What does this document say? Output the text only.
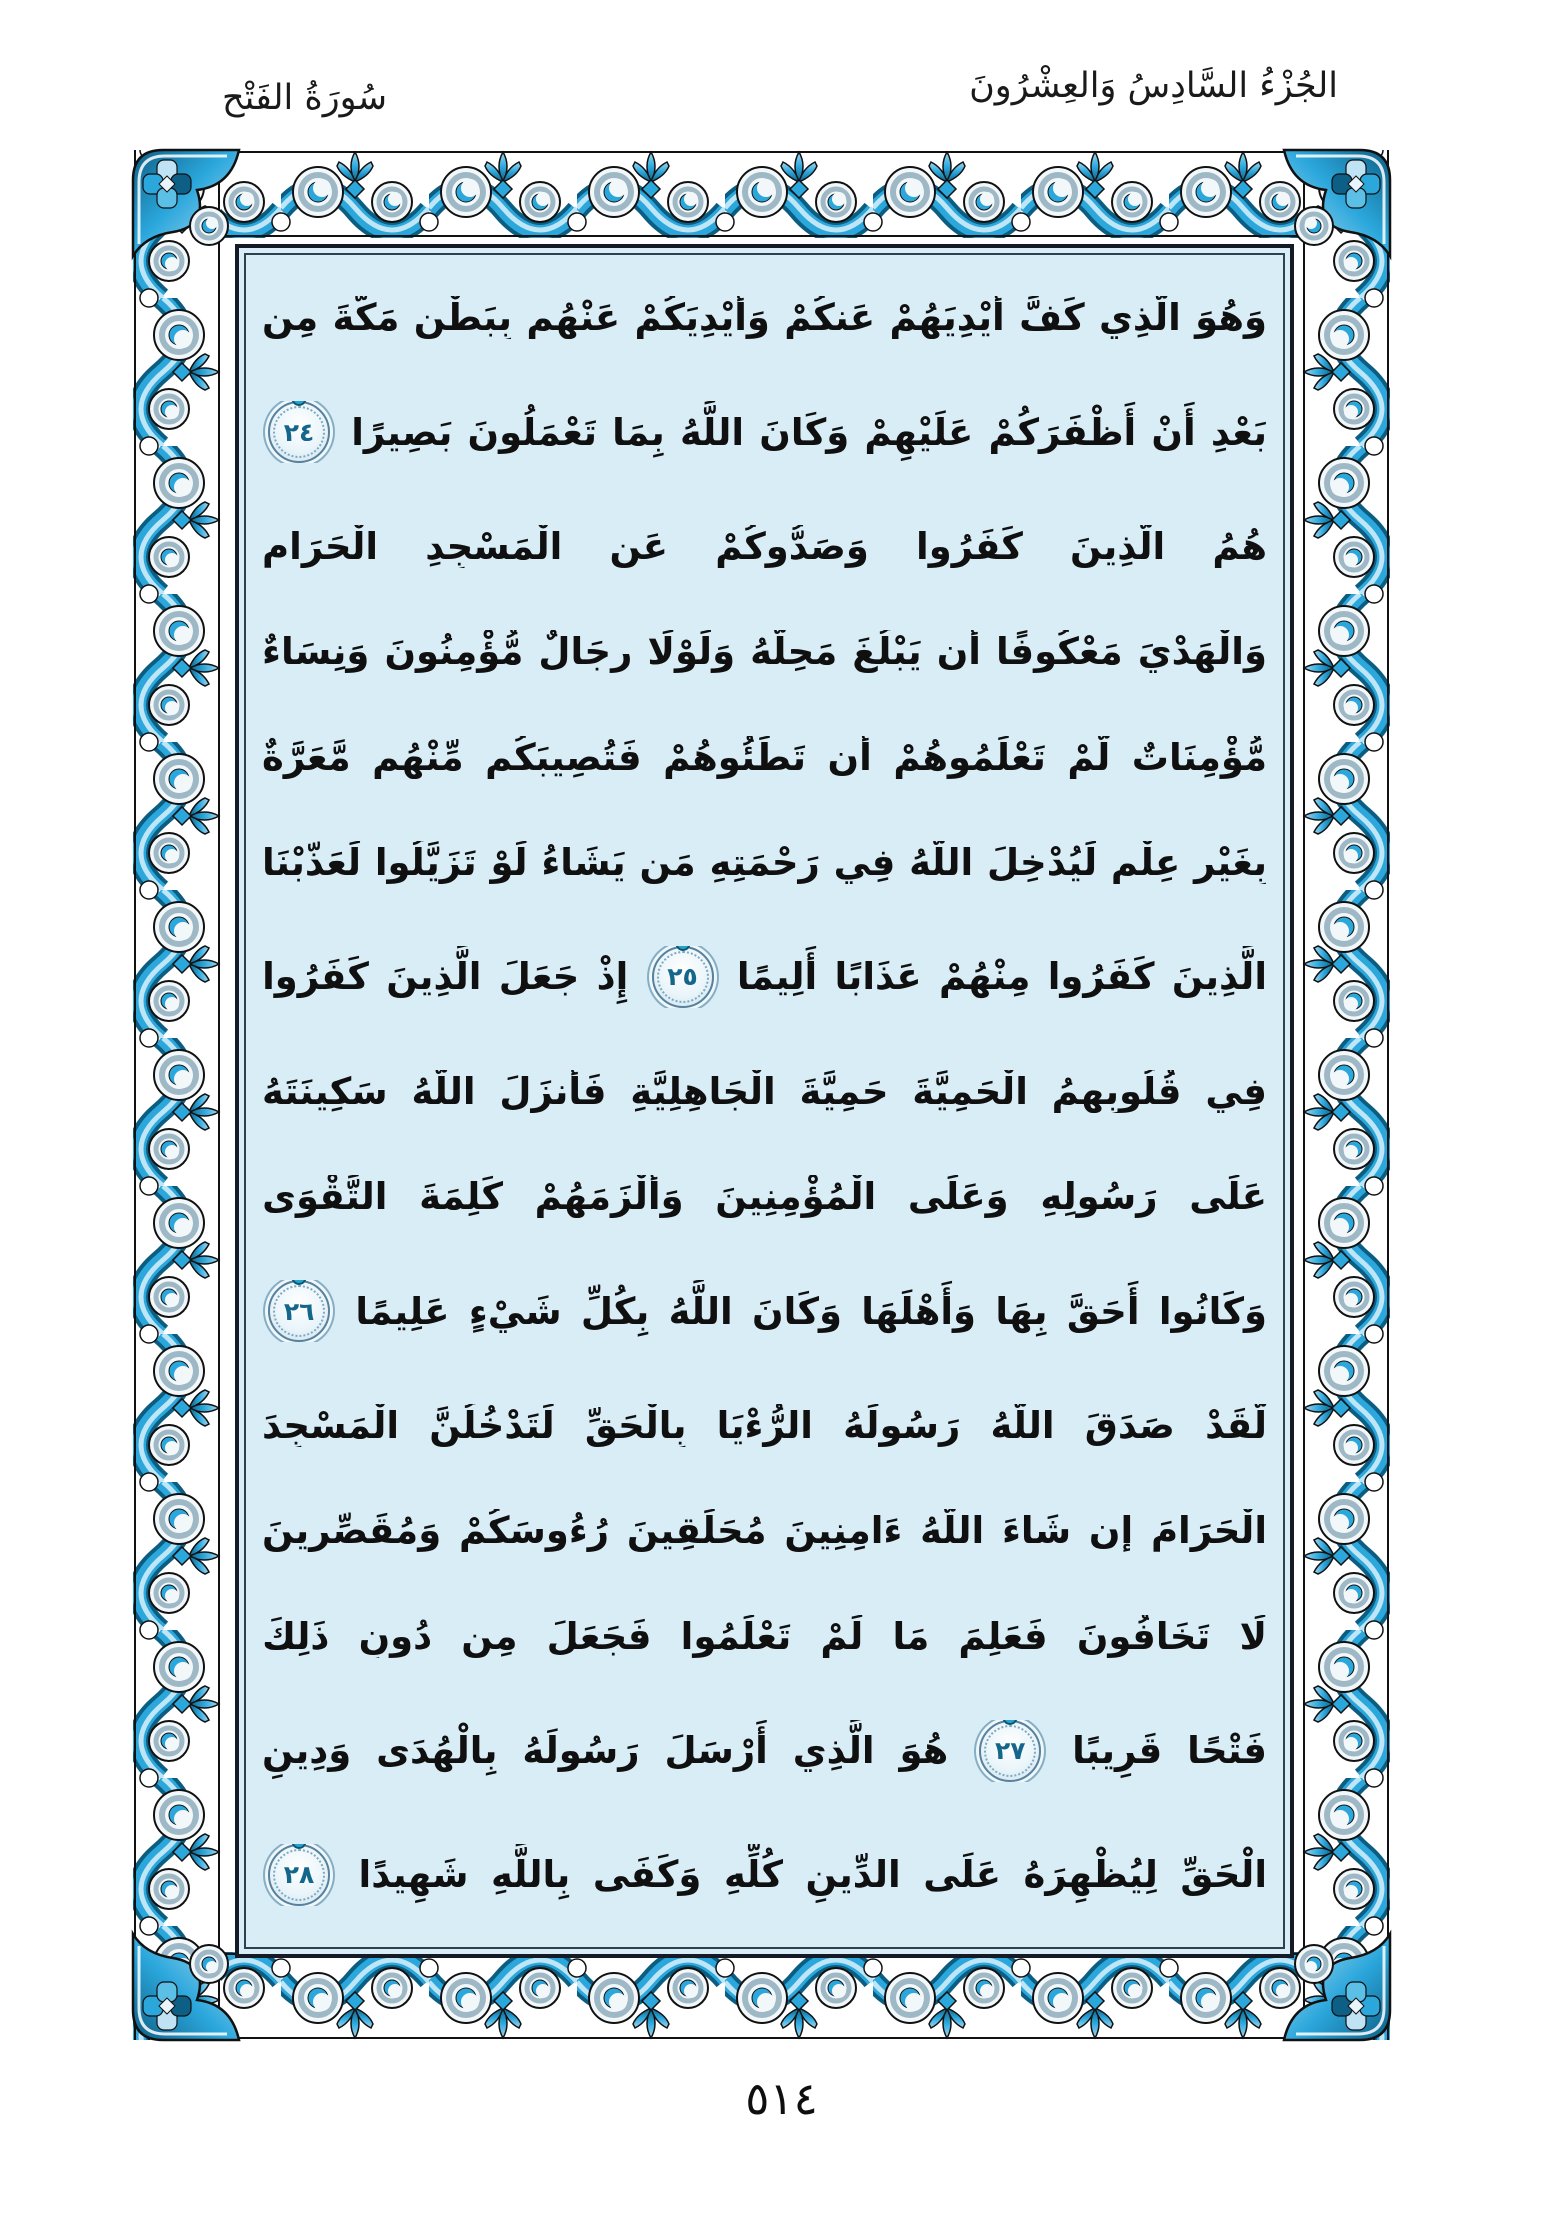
سُورَةُ الفَتْح	الجُزْءُ السَّادِسُ وَالعِشْرُونَ
وَهُوَ
الَّذِي
كَفَّ
أَيْدِيَهُمْ
عَنكُمْ
وَأَيْدِيَكُمْ
عَنْهُم
بِبَطْنِ
مَكَّةَ
مِن
بَعْدِ
أَنْ
أَظْفَرَكُمْ
عَلَيْهِمْ
وَكَانَ
اللَّهُ
بِمَا
تَعْمَلُونَ
بَصِيرًا
٢٤
هُمُ
الَّذِينَ
كَفَرُوا
وَصَدُّوكُمْ
عَنِ
الْمَسْجِدِ
الْحَرَامِ
وَالْهَدْيَ
مَعْكُوفًا
أَن
يَبْلُغَ
مَحِلَّهُ
وَلَوْلَا
رِجَالٌ
مُّؤْمِنُونَ
وَنِسَاءٌ
مُّؤْمِنَاتٌ
لَّمْ
تَعْلَمُوهُمْ
أَن
تَطَئُوهُمْ
فَتُصِيبَكُم
مِّنْهُم
مَّعَرَّةٌ
بِغَيْرِ
عِلْمٍ
لِّيُدْخِلَ
اللَّهُ
فِي
رَحْمَتِهِ
مَن
يَشَاءُ
لَوْ
تَزَيَّلُوا
لَعَذَّبْنَا
الَّذِينَ
كَفَرُوا
مِنْهُمْ
عَذَابًا
أَلِيمًا
٢٥
إِذْ
جَعَلَ
الَّذِينَ
كَفَرُوا
فِي
قُلُوبِهِمُ
الْحَمِيَّةَ
حَمِيَّةَ
الْجَاهِلِيَّةِ
فَأَنزَلَ
اللَّهُ
سَكِينَتَهُ
عَلَى
رَسُولِهِ
وَعَلَى
الْمُؤْمِنِينَ
وَأَلْزَمَهُمْ
كَلِمَةَ
التَّقْوَى
وَكَانُوا
أَحَقَّ
بِهَا
وَأَهْلَهَا
وَكَانَ
اللَّهُ
بِكُلِّ
شَيْءٍ
عَلِيمًا
٢٦
لَّقَدْ
صَدَقَ
اللَّهُ
رَسُولَهُ
الرُّءْيَا
بِالْحَقِّ
لَتَدْخُلُنَّ
الْمَسْجِدَ
الْحَرَامَ
إِن
شَاءَ
اللَّهُ
ءَامِنِينَ
مُحَلِّقِينَ
رُءُوسَكُمْ
وَمُقَصِّرِينَ
لَا
تَخَافُونَ
فَعَلِمَ
مَا
لَمْ
تَعْلَمُوا
فَجَعَلَ
مِن
دُونِ
ذَلِكَ
فَتْحًا
قَرِيبًا
٢٧
هُوَ
الَّذِي
أَرْسَلَ
رَسُولَهُ
بِالْهُدَى
وَدِينِ
الْحَقِّ
لِيُظْهِرَهُ
عَلَى
الدِّينِ
كُلِّهِ
وَكَفَى
بِاللَّهِ
شَهِيدًا
٢٨
٥١٤
